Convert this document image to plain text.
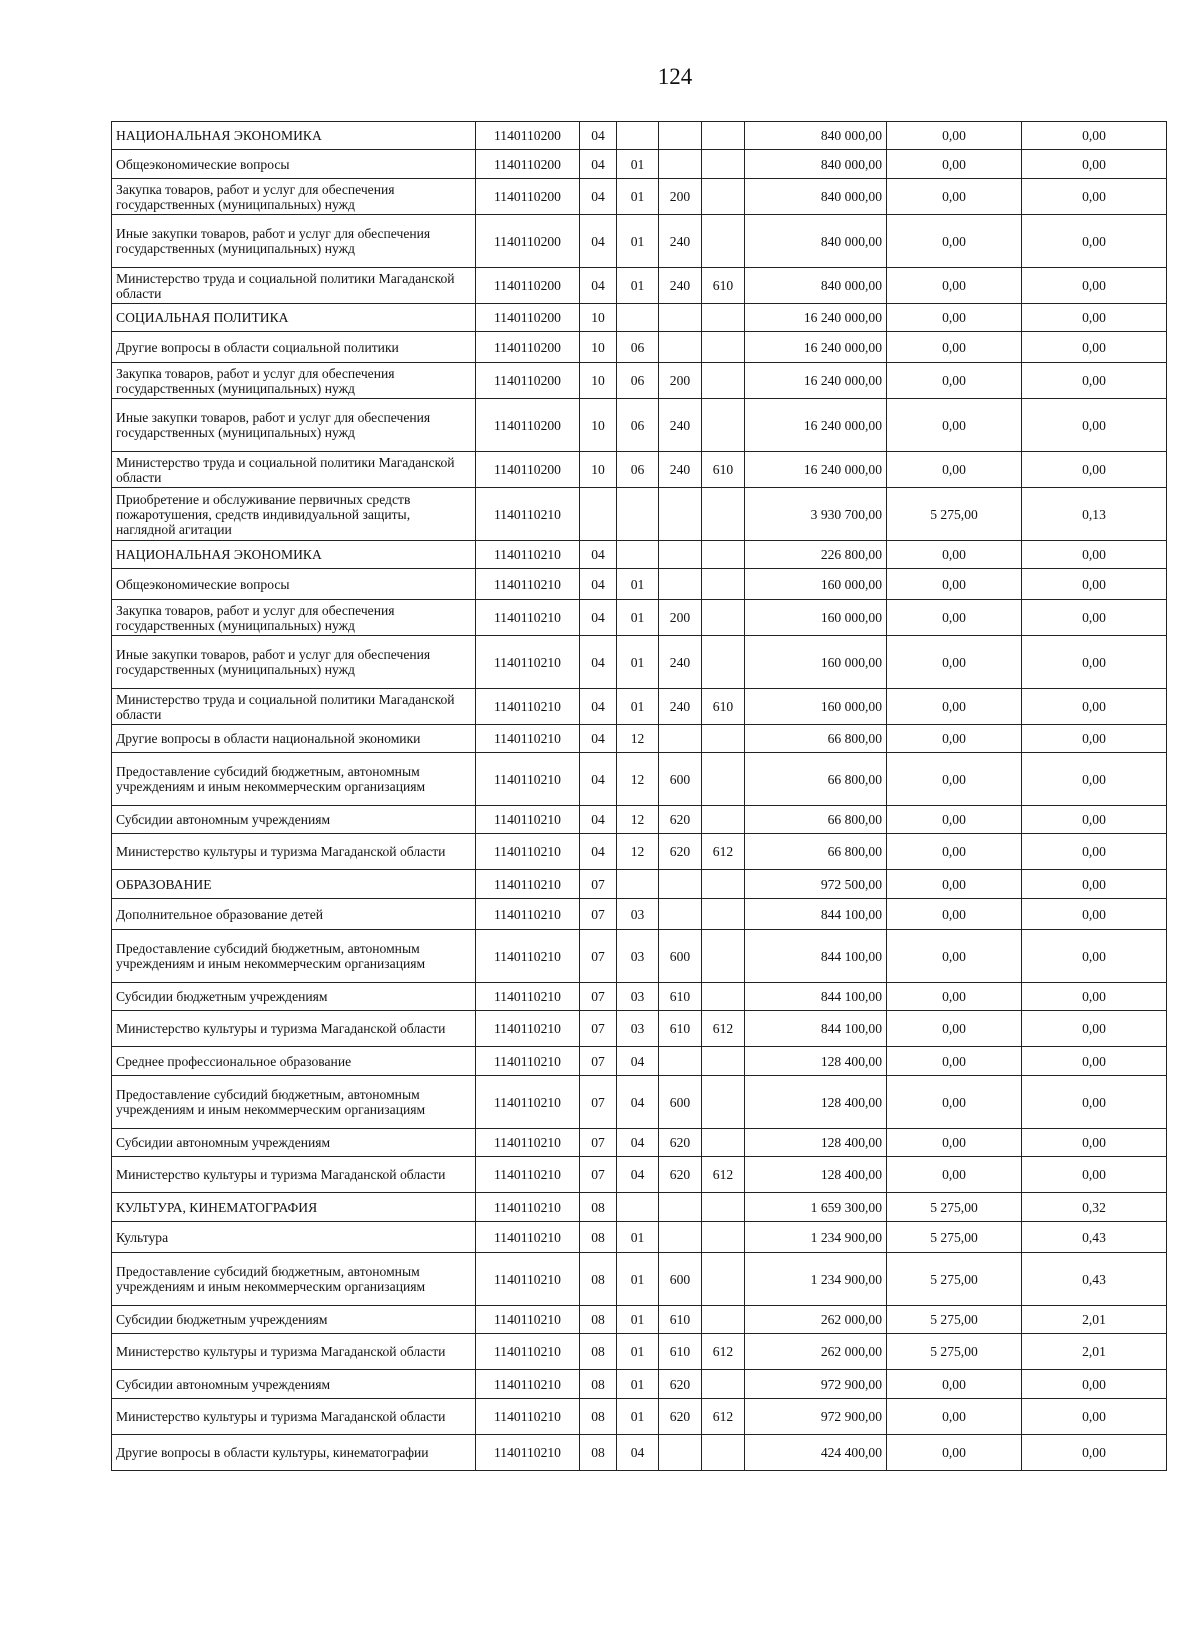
124
НАЦИОНАЛЬНАЯ ЭКОНОМИКА	1140110200	04				840 000,00	0,00	0,00
Общеэкономические вопросы	1140110200	04	01			840 000,00	0,00	0,00
Закупка товаров, работ и услуг для обеспечения государственных (муниципальных) нужд	1140110200	04	01	200		840 000,00	0,00	0,00
Иные закупки товаров, работ и услуг для обеспечения государственных (муниципальных) нужд	1140110200	04	01	240		840 000,00	0,00	0,00
Министерство труда и социальной политики Магаданской области	1140110200	04	01	240	610	840 000,00	0,00	0,00
СОЦИАЛЬНАЯ ПОЛИТИКА	1140110200	10				16 240 000,00	0,00	0,00
Другие вопросы в области социальной политики	1140110200	10	06			16 240 000,00	0,00	0,00
Закупка товаров, работ и услуг для обеспечения государственных (муниципальных) нужд	1140110200	10	06	200		16 240 000,00	0,00	0,00
Иные закупки товаров, работ и услуг для обеспечения государственных (муниципальных) нужд	1140110200	10	06	240		16 240 000,00	0,00	0,00
Министерство труда и социальной политики Магаданской области	1140110200	10	06	240	610	16 240 000,00	0,00	0,00
Приобретение и обслуживание первичных средств пожаротушения, средств индивидуальной защиты, наглядной агитации	1140110210					3 930 700,00	5 275,00	0,13
НАЦИОНАЛЬНАЯ ЭКОНОМИКА	1140110210	04				226 800,00	0,00	0,00
Общеэкономические вопросы	1140110210	04	01			160 000,00	0,00	0,00
Закупка товаров, работ и услуг для обеспечения государственных (муниципальных) нужд	1140110210	04	01	200		160 000,00	0,00	0,00
Иные закупки товаров, работ и услуг для обеспечения государственных (муниципальных) нужд	1140110210	04	01	240		160 000,00	0,00	0,00
Министерство труда и социальной политики Магаданской области	1140110210	04	01	240	610	160 000,00	0,00	0,00
Другие вопросы в области национальной экономики	1140110210	04	12			66 800,00	0,00	0,00
Предоставление субсидий бюджетным, автономным учреждениям и иным некоммерческим организациям	1140110210	04	12	600		66 800,00	0,00	0,00
Субсидии автономным учреждениям	1140110210	04	12	620		66 800,00	0,00	0,00
Министерство культуры и туризма Магаданской области	1140110210	04	12	620	612	66 800,00	0,00	0,00
ОБРАЗОВАНИЕ	1140110210	07				972 500,00	0,00	0,00
Дополнительное образование детей	1140110210	07	03			844 100,00	0,00	0,00
Предоставление субсидий бюджетным, автономным учреждениям и иным некоммерческим организациям	1140110210	07	03	600		844 100,00	0,00	0,00
Субсидии бюджетным учреждениям	1140110210	07	03	610		844 100,00	0,00	0,00
Министерство культуры и туризма Магаданской области	1140110210	07	03	610	612	844 100,00	0,00	0,00
Среднее профессиональное образование	1140110210	07	04			128 400,00	0,00	0,00
Предоставление субсидий бюджетным, автономным учреждениям и иным некоммерческим организациям	1140110210	07	04	600		128 400,00	0,00	0,00
Субсидии автономным учреждениям	1140110210	07	04	620		128 400,00	0,00	0,00
Министерство культуры и туризма Магаданской области	1140110210	07	04	620	612	128 400,00	0,00	0,00
КУЛЬТУРА, КИНЕМАТОГРАФИЯ	1140110210	08				1 659 300,00	5 275,00	0,32
Культура	1140110210	08	01			1 234 900,00	5 275,00	0,43
Предоставление субсидий бюджетным, автономным учреждениям и иным некоммерческим организациям	1140110210	08	01	600		1 234 900,00	5 275,00	0,43
Субсидии бюджетным учреждениям	1140110210	08	01	610		262 000,00	5 275,00	2,01
Министерство культуры и туризма Магаданской области	1140110210	08	01	610	612	262 000,00	5 275,00	2,01
Субсидии автономным учреждениям	1140110210	08	01	620		972 900,00	0,00	0,00
Министерство культуры и туризма Магаданской области	1140110210	08	01	620	612	972 900,00	0,00	0,00
Другие вопросы в области культуры, кинематографии	1140110210	08	04			424 400,00	0,00	0,00
